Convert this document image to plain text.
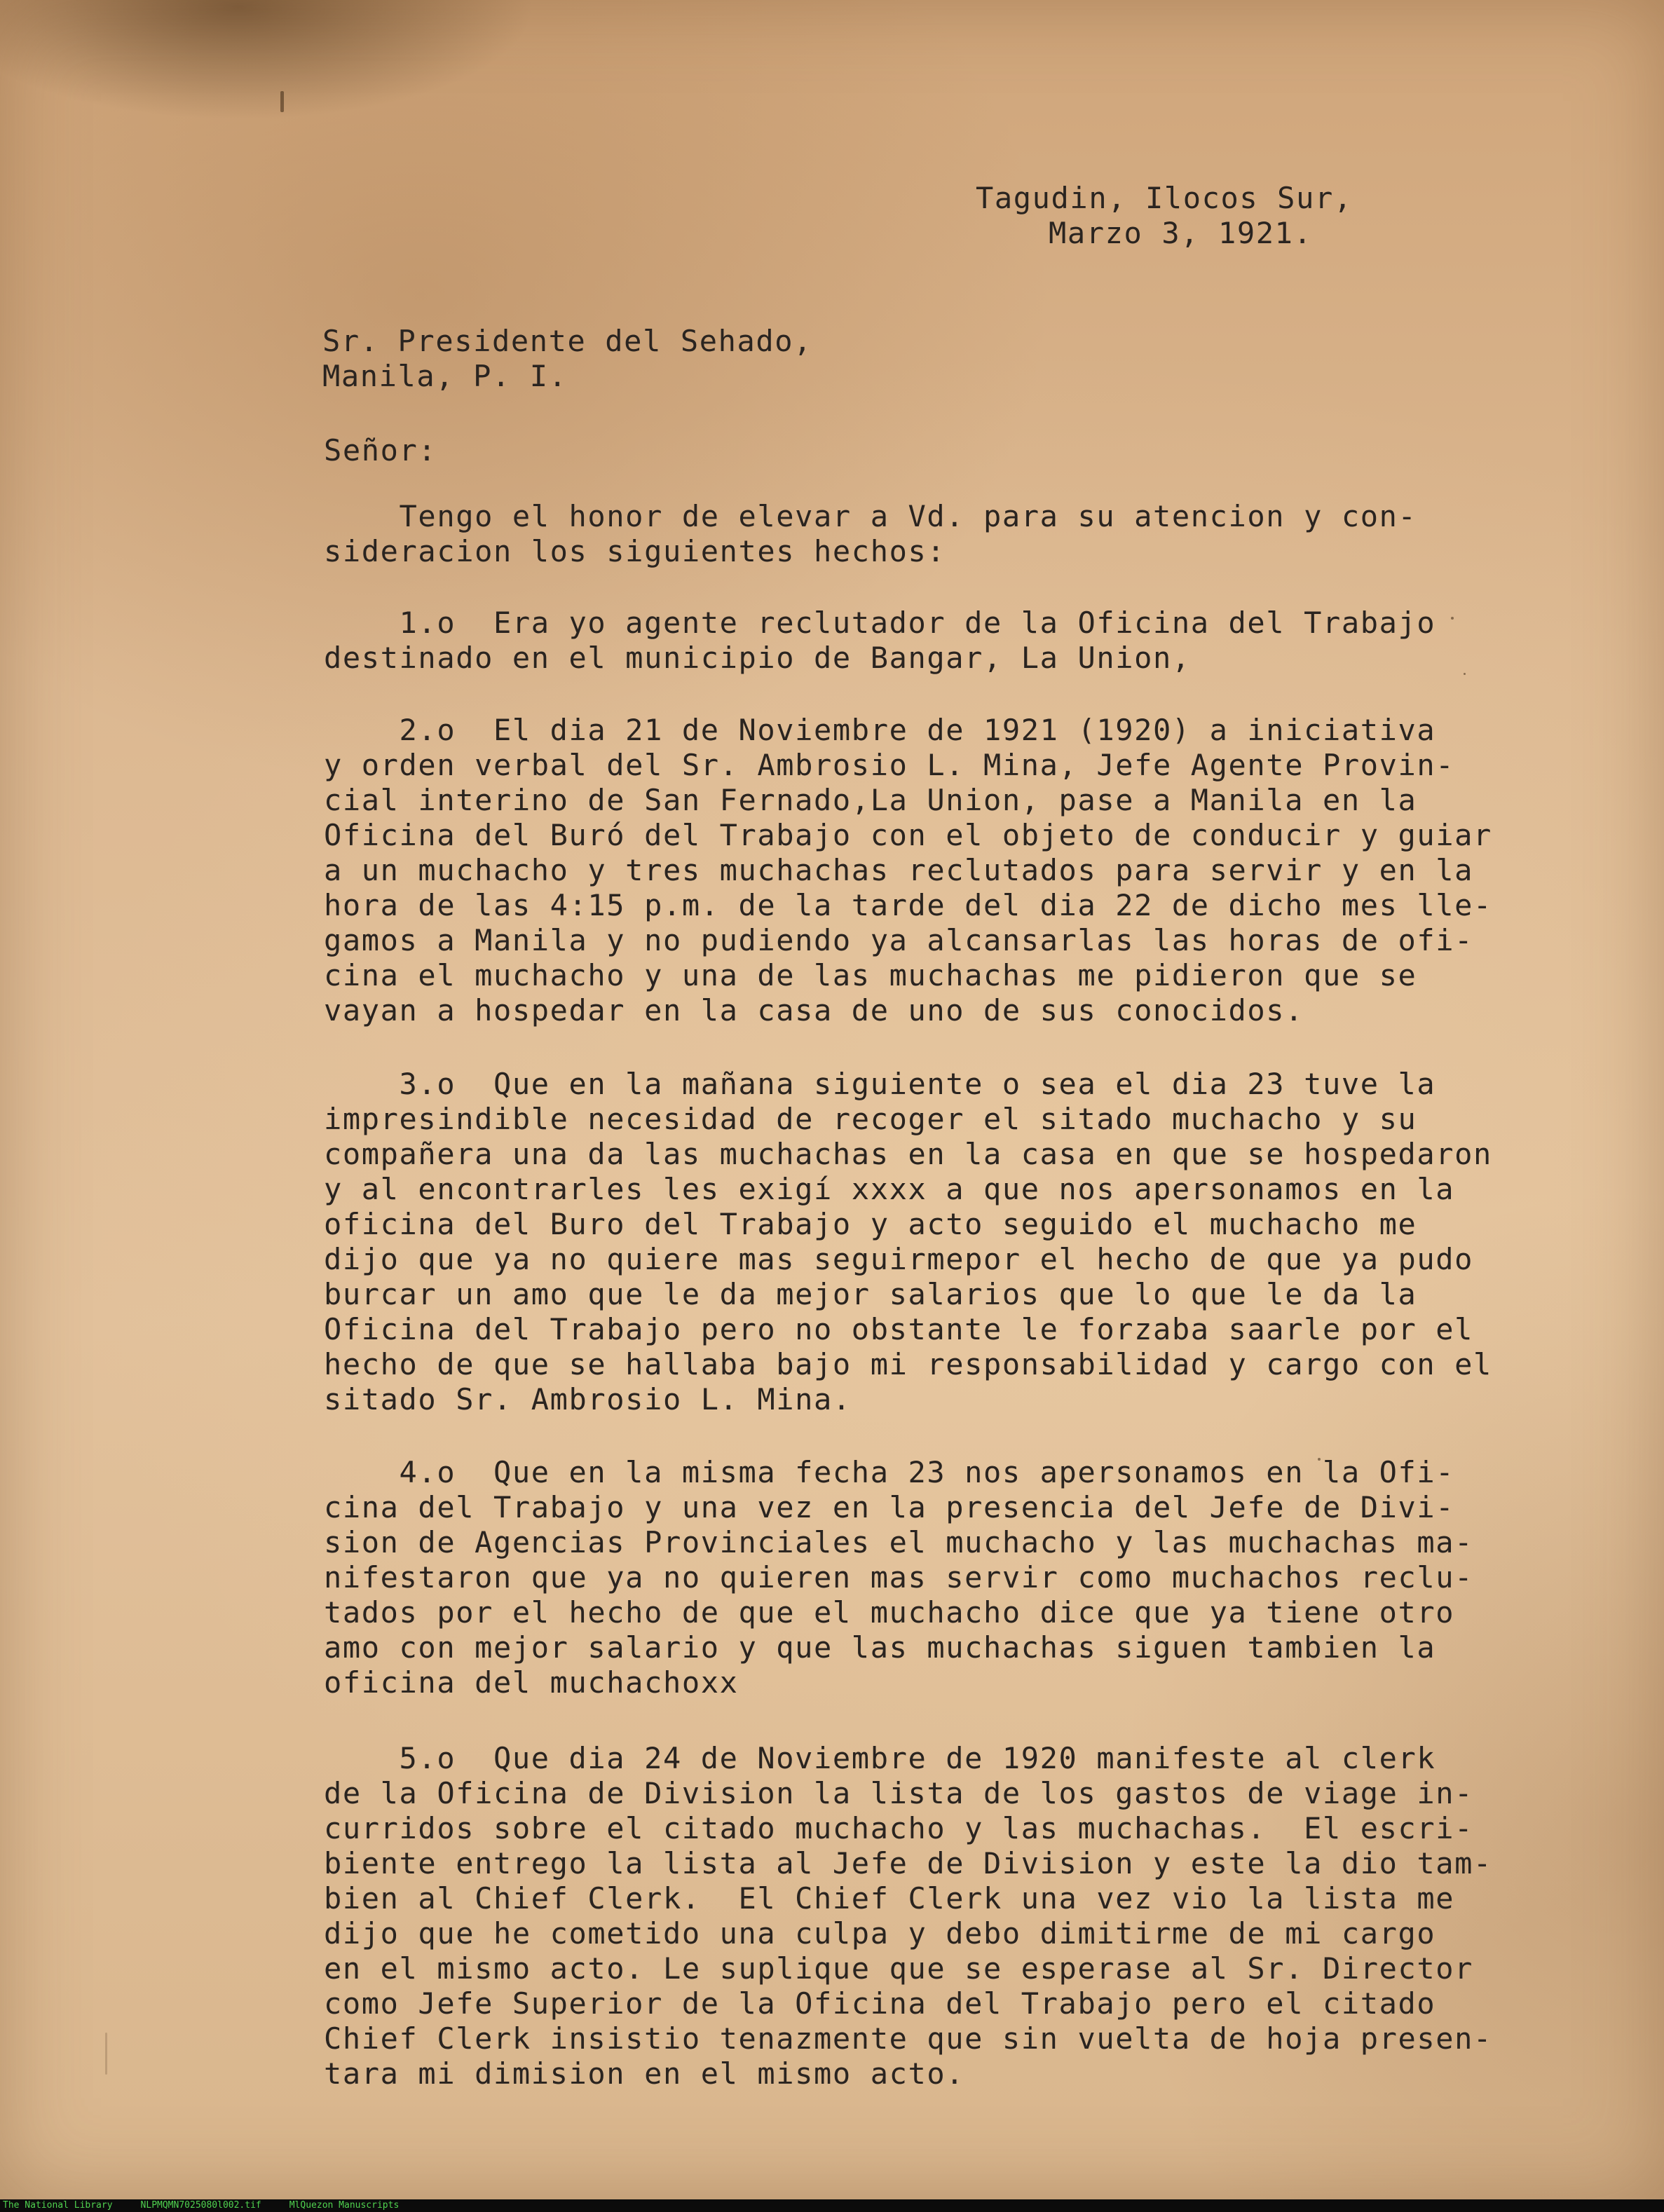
Tagudin, Ilocos Sur,
Marzo 3, 1921.
Sr. Presidente del Sehado,
Manila, P. I.
Señor:
Tengo el honor de elevar a Vd. para su atencion y con-
sideracion los siguientes hechos:
1.o  Era yo agente reclutador de la Oficina del Trabajo
destinado en el municipio de Bangar, La Union,
2.o  El dia 21 de Noviembre de 1921 (1920) a iniciativa
y orden verbal del Sr. Ambrosio L. Mina, Jefe Agente Provin-
cial interino de San Fernado,La Union, pase a Manila en la
Oficina del Buró del Trabajo con el objeto de conducir y guiar
a un muchacho y tres muchachas reclutados para servir y en la
hora de las 4:15 p.m. de la tarde del dia 22 de dicho mes lle-
gamos a Manila y no pudiendo ya alcansarlas las horas de ofi-
cina el muchacho y una de las muchachas me pidieron que se
vayan a hospedar en la casa de uno de sus conocidos.
3.o  Que en la mañana siguiente o sea el dia 23 tuve la
impresindible necesidad de recoger el sitado muchacho y su
compañera una da las muchachas en la casa en que se hospedaron
y al encontrarles les exigí xxxx a que nos apersonamos en la
oficina del Buro del Trabajo y acto seguido el muchacho me
dijo que ya no quiere mas seguirmepor el hecho de que ya pudo
burcar un amo que le da mejor salarios que lo que le da la
Oficina del Trabajo pero no obstante le forzaba saarle por el
hecho de que se hallaba bajo mi responsabilidad y cargo con el
sitado Sr. Ambrosio L. Mina.
4.o  Que en la misma fecha 23 nos apersonamos en la Ofi-
cina del Trabajo y una vez en la presencia del Jefe de Divi-
sion de Agencias Provinciales el muchacho y las muchachas ma-
nifestaron que ya no quieren mas servir como muchachos reclu-
tados por el hecho de que el muchacho dice que ya tiene otro
amo con mejor salario y que las muchachas siguen tambien la
oficina del muchachoxx
5.o  Que dia 24 de Noviembre de 1920 manifeste al clerk
de la Oficina de Division la lista de los gastos de viage in-
curridos sobre el citado muchacho y las muchachas.  El escri-
biente entrego la lista al Jefe de Division y este la dio tam-
bien al Chief Clerk.  El Chief Clerk una vez vio la lista me
dijo que he cometido una culpa y debo dimitirme de mi cargo
en el mismo acto. Le suplique que se esperase al Sr. Director
como Jefe Superior de la Oficina del Trabajo pero el citado
Chief Clerk insistio tenazmente que sin vuelta de hoja presen-
tara mi dimision en el mismo acto.
The National Library	NLPMQMN7025080l002.tif	MlQuezon Manuscripts
